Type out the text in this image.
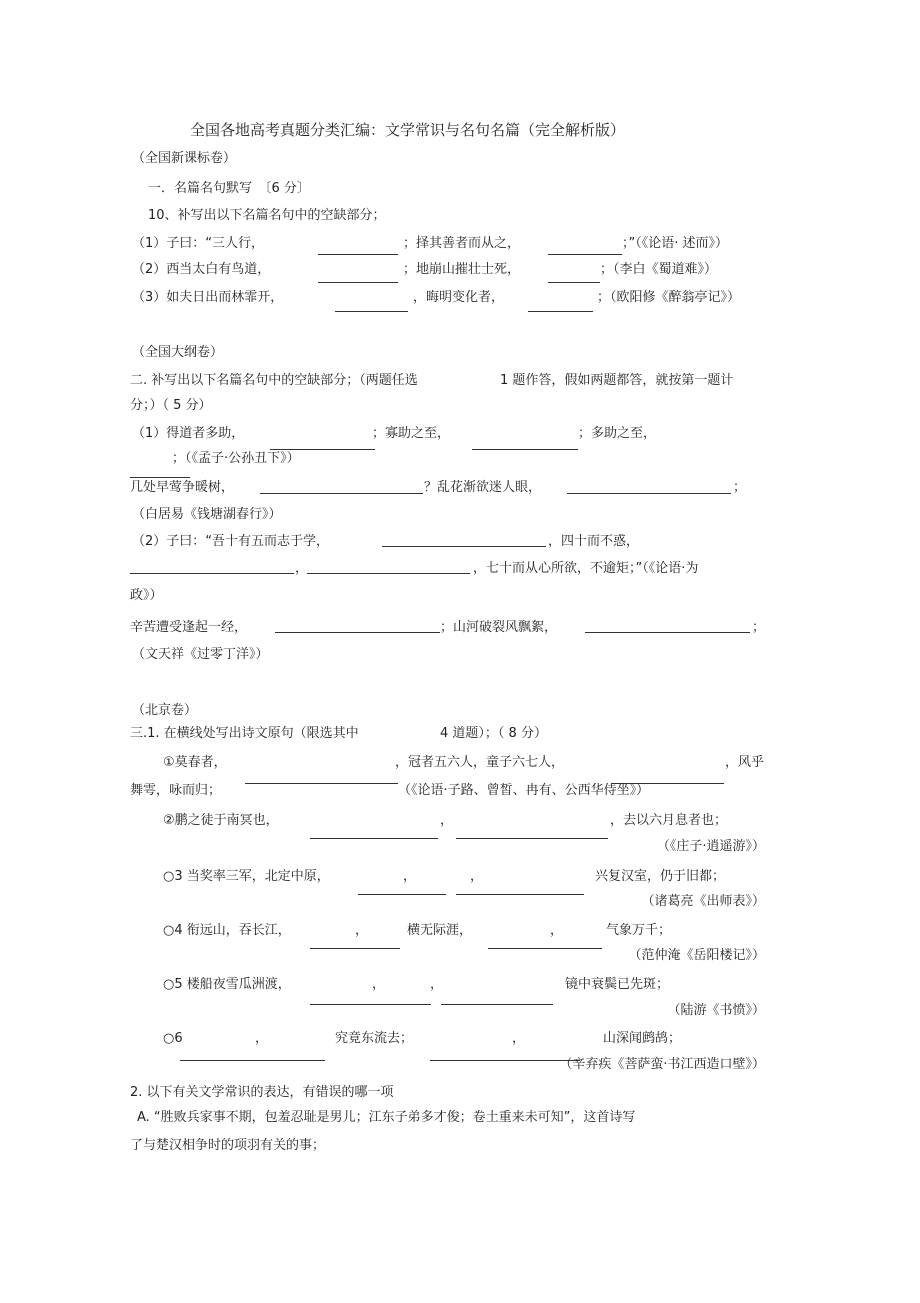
全国各地高考真题分类汇编：文学常识与名句名篇（完全解析版）
（全国新课标卷）
一．名篇名句默写　〔6 分〕
10、补写出以下名篇名句中的空缺部分；
（1）子曰：“三人行，	；择其善者而从之，	；”（《论语· 述而》）
（2）西当太白有鸟道，	；地崩山摧壮士死，	；（李白《蜀道难》）
（3）如夫日出而林霏开，	，晦明变化者，	；（欧阳修《醉翁亭记》）
（全国大纲卷）
二. 补写出以下名篇名句中的空缺部分；（两题任选	1 题作答，假如两题都答，就按第一题计
分；）（ 5 分）
（1）得道者多助，	；寡助之至，	；多助之至，
；（《孟子·公孙丑下》）
几处早莺争暖树，	？乱花渐欲迷人眼，	；
（白居易《钱塘湖春行》）
（2）子曰：“吾十有五而志于学，	，四十而不惑，
，	，七十而从心所欲，不逾矩；”（《论语·为
政》）
辛苦遭受逢起一经，	；山河破裂风飘絮，	；
（文天祥《过零丁洋》）
（北京卷）
三.1. 在横线处写出诗文原句（限选其中	4 道题）；（ 8 分）
①莫春者，	，冠者五六人，童子六七人，	，风乎
舞雩，咏而归；	（《论语·子路、曾皙、冉有、公西华侍坐》）
②鹏之徒于南冥也，	，	，去以六月息者也；
（《庄子·逍遥游》）
○3 当奖率三军，北定中原，	，	，	兴复汉室，仍于旧都；
（诸葛亮《出师表》）
○4 衔远山，吞长江，	，	横无际涯，	，	气象万千；
（范仲淹《岳阳楼记》）
○5 楼船夜雪瓜洲渡，	，	，	镜中衰鬓已先斑；
（陆游《书愤》）
○6	，	究竟东流去；	，	山深闻鹧鸪；
（辛弃疾《菩萨蛮·书江西造口壁》）
2. 以下有关文学常识的表达，有错误的哪一项
A. “胜败兵家事不期，包羞忍耻是男儿；江东子弟多才俊；卷土重来未可知”，这首诗写
了与楚汉相争时的项羽有关的事；
